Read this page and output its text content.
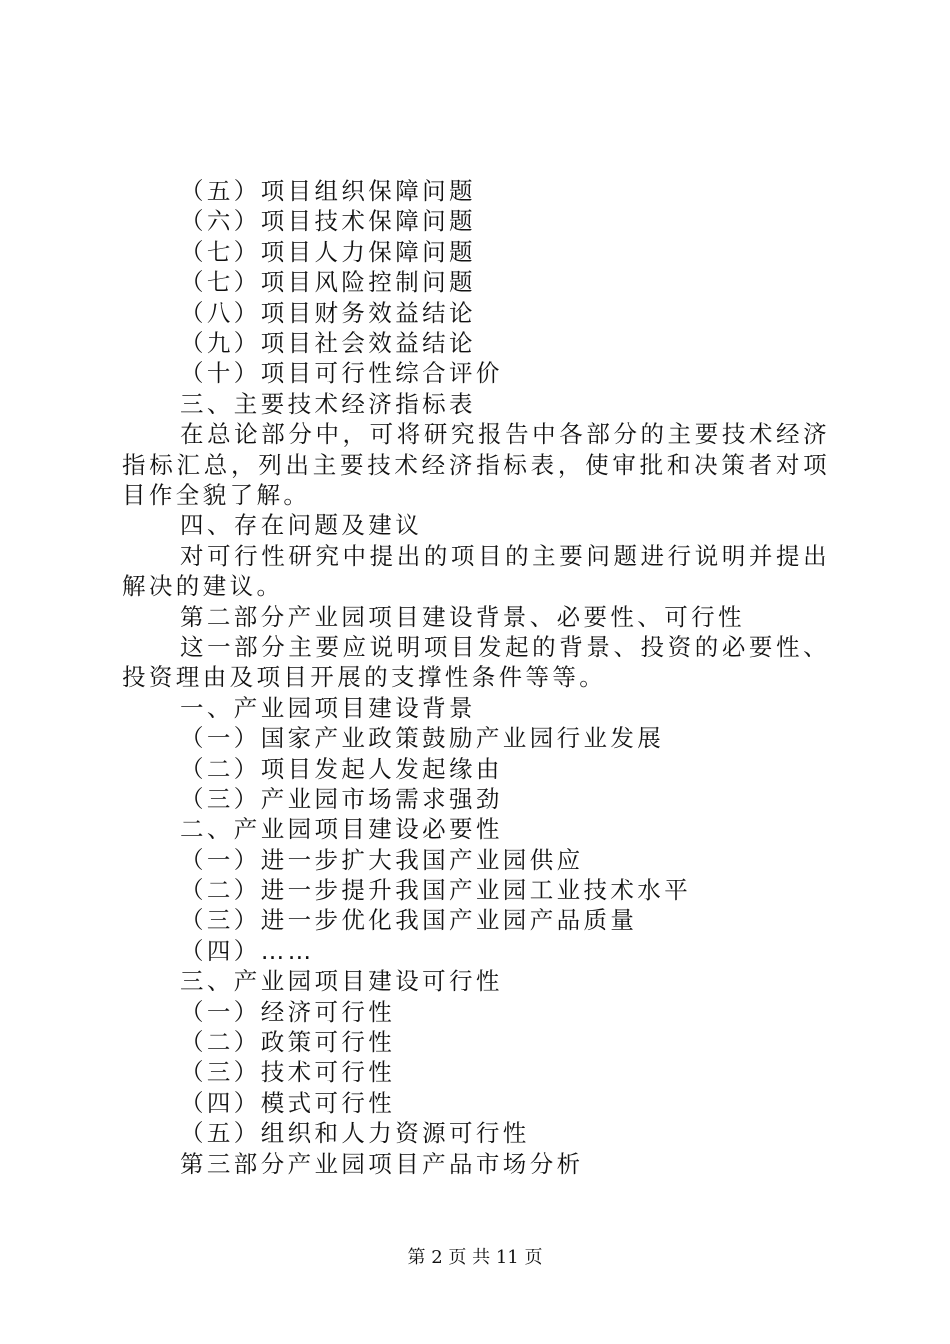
（五）项目组织保障问题
（六）项目技术保障问题
（七）项目人力保障问题
（七）项目风险控制问题
（八）项目财务效益结论
（九）项目社会效益结论
（十）项目可行性综合评价
三、主要技术经济指标表
在总论部分中，可将研究报告中各部分的主要技术经济指标汇总，列出主要技术经济指标表，使审批和决策者对项目作全貌了解。
四、存在问题及建议
对可行性研究中提出的项目的主要问题进行说明并提出解决的建议。
第二部分产业园项目建设背景、必要性、可行性
这一部分主要应说明项目发起的背景、投资的必要性、投资理由及项目开展的支撑性条件等等。
一、产业园项目建设背景
（一）国家产业政策鼓励产业园行业发展
（二）项目发起人发起缘由
（三）产业园市场需求强劲
二、产业园项目建设必要性
（一）进一步扩大我国产业园供应
（二）进一步提升我国产业园工业技术水平
（三）进一步优化我国产业园产品质量
（四）……
三、产业园项目建设可行性
（一）经济可行性
（二）政策可行性
（三）技术可行性
（四）模式可行性
（五）组织和人力资源可行性
第三部分产业园项目产品市场分析
第 2 页 共 11 页
